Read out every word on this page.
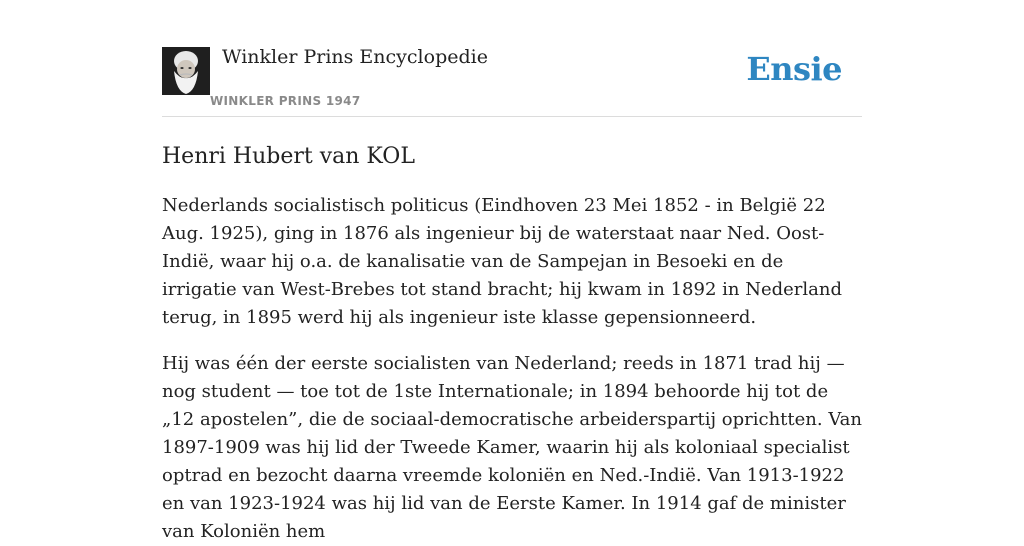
Winkler Prins Encyclopedie
WINKLER PRINS 1947
Ensie
Henri Hubert van KOL

Nederlands socialistisch politicus (Eindhoven 23 Mei 1852 - in België 22 Aug. 1925), ging in 1876 als ingenieur bij de waterstaat naar Ned. Oost-Indië, waar hij o.a. de kanalisatie van de Sampejan in Besoeki en de irrigatie van West-Brebes tot stand bracht; hij kwam in 1892 in Nederland terug, in 1895 werd hij als ingenieur iste klasse gepensionneerd.

Hij was één der eerste socialisten van Nederland; reeds in 1871 trad hij — nog student — toe tot de 1ste Internationale; in 1894 behoorde hij tot de „12 apostelen”, die de sociaal-democratische arbeiderspartij oprichtten. Van 1897-1909 was hij lid der Tweede Kamer, waarin hij als koloniaal specialist optrad en bezocht daarna vreemde koloniën en Ned.-Indië. Van 1913-1922 en van 1923-1924 was hij lid van de Eerste Kamer. In 1914 gaf de minister van Koloniën hem
